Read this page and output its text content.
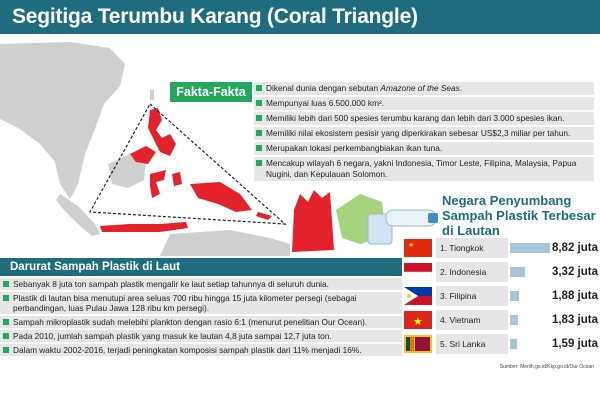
Segitiga Terumbu Karang (Coral Triangle)
Fakta-Fakta	Dikenal dunia dengan sebutan Amazone of the Seas.
Mempunyai luas 6.500.000 km².
Memiliki lebih dari 500 spesies terumbu karang dan lebih dari 3.000 spesies ikan.
Memiliki nilai ekosistem pesisir yang diperkirakan sebesar US$2,3 miliar per tahun.
Merupakan lokasi perkembangbiakan ikan tuna.
Mencakup wilayah 6 negara, yakni Indonesia, Timor Leste, Filipina, Malaysia, Papua Nugini, dan Kepulauan Solomon.
Negara Penyumbang Sampah Plastik Terbesar di Lautan
★	1. Tiongkok	8,82 juta
2. Indonesia	3,32 juta
3. Filipina	1,88 juta
★	4. Vietnam	1,83 juta
5. Sri Lanka	1,59 juta
Sumber: Menlh.go.id/Kkp.go.id/Our Ocean
Darurat Sampah Plastik di Laut
Sebanyak 8 juta ton sampah plastik mengalir ke laut setiap tahunnya di seluruh dunia.
Plastik di lautan bisa menutupi area seluas 700 ribu hingga 15 juta kilometer persegi (sebagai perbandingan, luas Pulau Jawa 128 ribu km persegi).
Sampah mikroplastik sudah melebihi plankton dengan rasio 6:1 (menurut penelitian Our Ocean).
Pada 2010, jumlah sampah plastik yang masuk ke lautan 4,8 juta sampai 12,7 juta ton.
Dalam waktu 2002-2016, terjadi peningkatan komposisi sampah plastik dari 11% menjadi 16%.
